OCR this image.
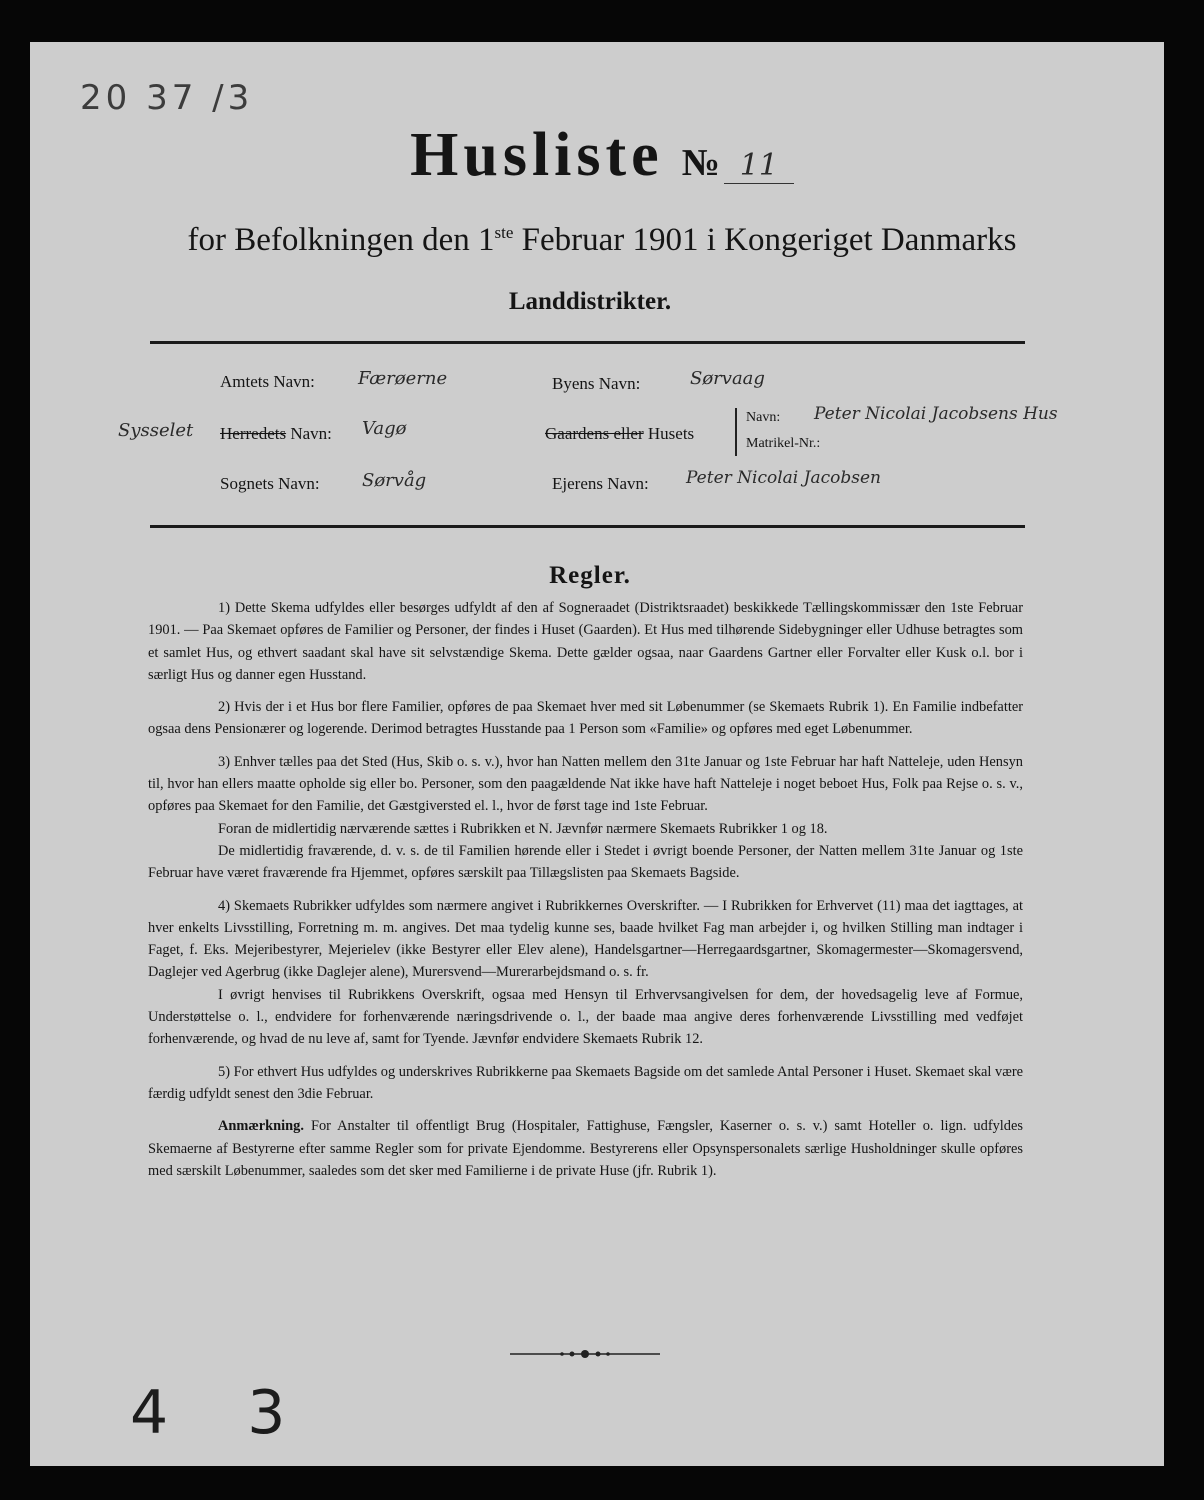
20 37 /3
Husliste № 11
for Befolkningen den 1ste Februar 1901 i Kongeriget Danmarks
Landdistrikter.
Amtets Navn: Færøerne
Sysselet Herredets Navn: Vagø
Sognets Navn: Sørvåg
Byens Navn:	Sørvaag
Gaardens eller Husets
Navn: Peter Nicolai Jacobsens Hus
Matrikel-Nr.:
Ejerens Navn: Peter Nicolai Jacobsen
Regler.

1) Dette Skema udfyldes eller besørges udfyldt af den af Sogneraadet (Distriktsraadet) beskikkede Tællingskommissær den 1ste Februar 1901. — Paa Skemaet opføres de Familier og Personer, der findes i Huset (Gaarden). Et Hus med tilhørende Sidebygninger eller Udhuse betragtes som et samlet Hus, og ethvert saadant skal have sit selvstændige Skema. Dette gælder ogsaa, naar Gaardens Gartner eller Forvalter eller Kusk o.l. bor i særligt Hus og danner egen Husstand.

2) Hvis der i et Hus bor flere Familier, opføres de paa Skemaet hver med sit Løbenummer (se Skemaets Rubrik 1). En Familie indbefatter ogsaa dens Pensionærer og logerende. Derimod betragtes Husstande paa 1 Person som «Familie» og opføres med eget Løbenummer.

3) Enhver tælles paa det Sted (Hus, Skib o. s. v.), hvor han Natten mellem den 31te Januar og 1ste Februar har haft Natteleje, uden Hensyn til, hvor han ellers maatte opholde sig eller bo. Personer, som den paagældende Nat ikke have haft Natteleje i noget beboet Hus, Folk paa Rejse o. s. v., opføres paa Skemaet for den Familie, det Gæstgiversted el. l., hvor de først tage ind 1ste Februar.

Foran de midlertidig nærværende sættes i Rubrikken et N. Jævnfør nærmere Skemaets Rubrikker 1 og 18.

De midlertidig fraværende, d. v. s. de til Familien hørende eller i Stedet i øvrigt boende Personer, der Natten mellem 31te Januar og 1ste Februar have været fraværende fra Hjemmet, opføres særskilt paa Tillægslisten paa Skemaets Bagside.

4) Skemaets Rubrikker udfyldes som nærmere angivet i Rubrikkernes Overskrifter. — I Rubrikken for Erhvervet (11) maa det iagttages, at hver enkelts Livsstilling, Forretning m. m. angives. Det maa tydelig kunne ses, baade hvilket Fag man arbejder i, og hvilken Stilling man indtager i Faget, f. Eks. Mejeribestyrer, Mejerielev (ikke Bestyrer eller Elev alene), Handelsgartner—Herregaardsgartner, Skomagermester—Skomagersvend, Daglejer ved Agerbrug (ikke Daglejer alene), Murersvend—Murerarbejdsmand o. s. fr.

I øvrigt henvises til Rubrikkens Overskrift, ogsaa med Hensyn til Erhvervsangivelsen for dem, der hovedsagelig leve af Formue, Understøttelse o. l., endvidere for forhenværende næringsdrivende o. l., der baade maa angive deres forhenværende Livsstilling med vedføjet forhenværende, og hvad de nu leve af, samt for Tyende. Jævnfør endvidere Skemaets Rubrik 12.

5) For ethvert Hus udfyldes og underskrives Rubrikkerne paa Skemaets Bagside om det samlede Antal Personer i Huset. Skemaet skal være færdig udfyldt senest den 3die Februar.

Anmærkning. For Anstalter til offentligt Brug (Hospitaler, Fattighuse, Fængsler, Kaserner o. s. v.) samt Hoteller o. lign. udfyldes Skemaerne af Bestyrerne efter samme Regler som for private Ejendomme. Bestyrerens eller Opsynspersonalets særlige Husholdninger skulle opføres med særskilt Løbenummer, saaledes som det sker med Familierne i de private Huse (jfr. Rubrik 1).

4 3
